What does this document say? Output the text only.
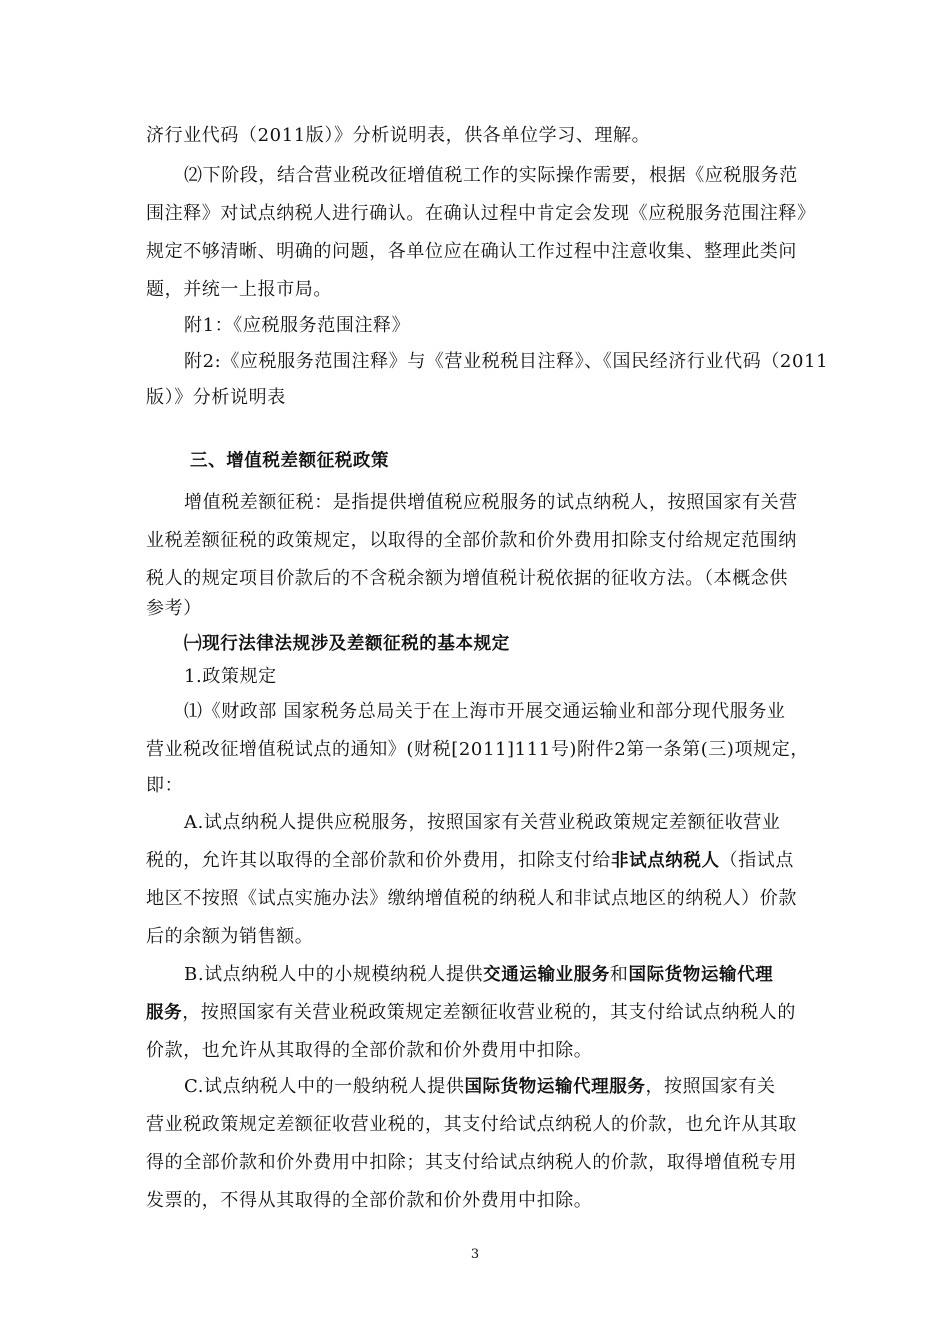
济行业代码（2011版）》分析说明表，供各单位学习、理解。
⑵下阶段，结合营业税改征增值税工作的实际操作需要，根据《应税服务范
围注释》对试点纳税人进行确认。在确认过程中肯定会发现《应税服务范围注释》
规定不够清晰、明确的问题，各单位应在确认工作过程中注意收集、整理此类问
题，并统一上报市局。
附1：《应税服务范围注释》
附2:《应税服务范围注释》与《营业税税目注释》、《国民经济行业代码（2011
版）》分析说明表
三、增值税差额征税政策
增值税差额征税：是指提供增值税应税服务的试点纳税人，按照国家有关营
业税差额征税的政策规定，以取得的全部价款和价外费用扣除支付给规定范围纳
税人的规定项目价款后的不含税余额为增值税计税依据的征收方法。（本概念供
参考）
㈠现行法律法规涉及差额征税的基本规定
1.政策规定
⑴《财政部 国家税务总局关于在上海市开展交通运输业和部分现代服务业
营业税改征增值税试点的通知》(财税[2011]111号)附件2第一条第(三)项规定，
即：
A.试点纳税人提供应税服务，按照国家有关营业税政策规定差额征收营业
税的，允许其以取得的全部价款和价外费用，扣除支付给非试点纳税人（指试点
地区不按照《试点实施办法》缴纳增值税的纳税人和非试点地区的纳税人）价款
后的余额为销售额。
B.试点纳税人中的小规模纳税人提供交通运输业服务和国际货物运输代理
服务，按照国家有关营业税政策规定差额征收营业税的，其支付给试点纳税人的
价款，也允许从其取得的全部价款和价外费用中扣除。
C.试点纳税人中的一般纳税人提供国际货物运输代理服务，按照国家有关
营业税政策规定差额征收营业税的，其支付给试点纳税人的价款，也允许从其取
得的全部价款和价外费用中扣除；其支付给试点纳税人的价款，取得增值税专用
发票的，不得从其取得的全部价款和价外费用中扣除。
3
